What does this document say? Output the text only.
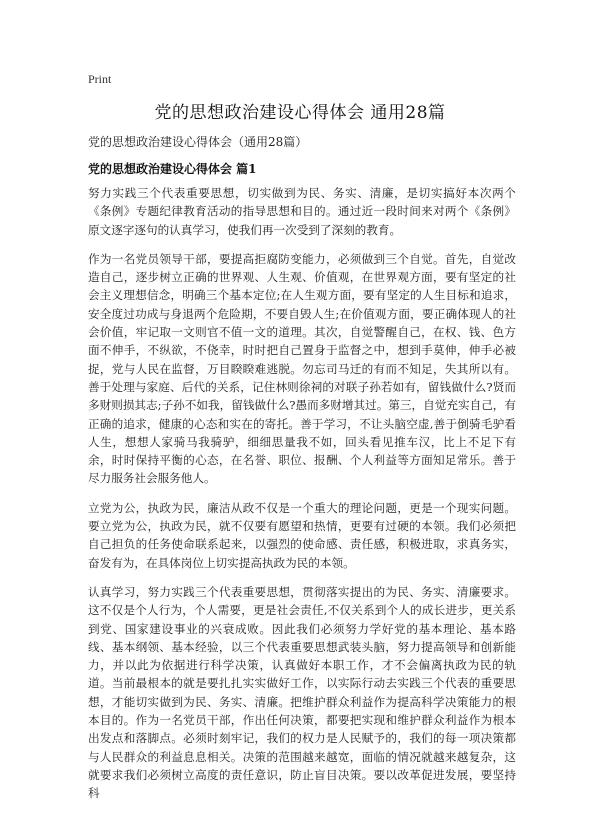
Print
党的思想政治建设心得体会 通用28篇
党的思想政治建设心得体会（通用28篇）
党的思想政治建设心得体会 篇1

努力实践三个代表重要思想，切实做到为民、务实、清廉，是切实搞好本次两个《条例》专题纪律教育活动的指导思想和目的。通过近一段时间来对两个《条例》原文逐字逐句的认真学习，使我们再一次受到了深刻的教育。

作为一名党员领导干部，要提高拒腐防变能力，必须做到三个自觉。首先，自觉改造自己，逐步树立正确的世界观、人生观、价值观，在世界观方面，要有坚定的社会主义理想信念，明确三个基本定位;在人生观方面，要有坚定的人生目标和追求，安全度过功成与身退两个危险期，不要自毁人生;在价值观方面，要正确体现人的社会价值，牢记取一文则官不值一文的道理。其次，自觉警醒自己，在权、钱、色方面不伸手，不纵欲，不侥幸，时时把自己置身于监督之中，想到手莫伸，伸手必被捉，党与人民在监督，万目睽睽难逃脱。勿忘司马迁的有而不知足，失其所以有。善于处理与家庭、后代的关系，记住林则徐祠的对联子孙若如有，留钱做什么?贤而多财则损其志;子孙不如我，留钱做什么?愚而多财增其过。第三，自觉充实自己，有正确的追求，健康的心态和实在的寄托。善于学习，不让头脑空虚,善于倒骑毛驴看人生，想想人家骑马我骑驴，细细思量我不如，回头看见推车汉，比上不足下有余，时时保持平衡的心态，在名誉、职位、报酬、个人利益等方面知足常乐。善于尽力服务社会服务他人。

立党为公，执政为民，廉洁从政不仅是一个重大的理论问题，更是一个现实问题。要立党为公，执政为民，就不仅要有愿望和热情，更要有过硬的本领。我们必须把自己担负的任务使命联系起来，以强烈的使命感、责任感，积极进取，求真务实，奋发有为，在具体岗位上切实提高执政为民的本领。

认真学习，努力实践三个代表重要思想，贯彻落实提出的为民、务实、清廉要求。这不仅是个人行为，个人需要，更是社会责任,不仅关系到个人的成长进步，更关系到党、国家建设事业的兴衰成败。因此我们必须努力学好党的基本理论、基本路线、基本纲领、基本经验，以三个代表重要思想武装头脑，努力提高领导和创新能力，并以此为依据进行科学决策，认真做好本职工作，才不会偏离执政为民的轨道。当前最根本的就是要扎扎实实做好工作，以实际行动去实践三个代表的重要思想，才能切实做到为民、务实、清廉。把维护群众利益作为提高科学决策能力的根本目的。作为一名党员干部，作出任何决策，都要把实现和维护群众利益作为根本出发点和落脚点。必须时刻牢记，我们的权力是人民赋予的，我们的每一项决策都与人民群众的利益息息相关。决策的范围越来越宽，面临的情况就越来越复杂，这就要求我们必须树立高度的责任意识，防止盲目决策。要以改革促进发展，要坚持科
